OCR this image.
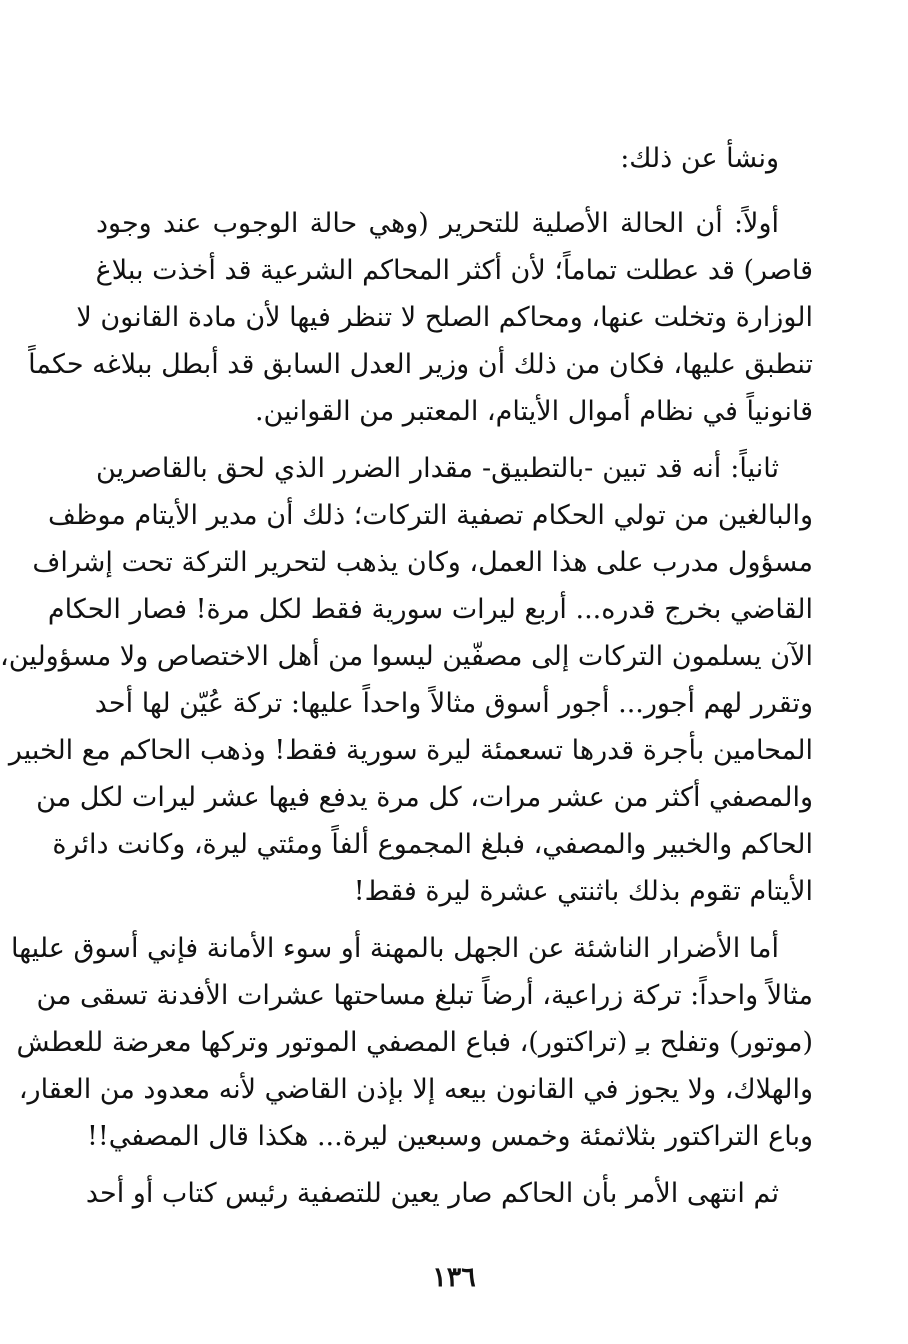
ونشأ عن ذلك:

أولاً: أن الحالة الأصلية للتحرير (وهي حالة الوجوب عند وجود
قاصر) قد عطلت تماماً؛ لأن أكثر المحاكم الشرعية قد أخذت ببلاغ
الوزارة وتخلت عنها، ومحاكم الصلح لا تنظر فيها لأن مادة القانون لا
تنطبق عليها، فكان من ذلك أن وزير العدل السابق قد أبطل ببلاغه حكماً
قانونياً في نظام أموال الأيتام، المعتبر من القوانين.

ثانياً: أنه قد تبين -بالتطبيق- مقدار الضرر الذي لحق بالقاصرين
والبالغين من تولي الحكام تصفية التركات؛ ذلك أن مدير الأيتام موظف
مسؤول مدرب على هذا العمل، وكان يذهب لتحرير التركة تحت إشراف
القاضي بخرج قدره... أربع ليرات سورية فقط لكل مرة! فصار الحكام
الآن يسلمون التركات إلى مصفّين ليسوا من أهل الاختصاص ولا مسؤولين،
وتقرر لهم أجور... أجور أسوق مثالاً واحداً عليها: تركة عُيّن لها أحد
المحامين بأجرة قدرها تسعمئة ليرة سورية فقط! وذهب الحاكم مع الخبير
والمصفي أكثر من عشر مرات، كل مرة يدفع فيها عشر ليرات لكل من
الحاكم والخبير والمصفي، فبلغ المجموع ألفاً ومئتي ليرة، وكانت دائرة
الأيتام تقوم بذلك باثنتي عشرة ليرة فقط!

أما الأضرار الناشئة عن الجهل بالمهنة أو سوء الأمانة فإني أسوق عليها
مثالاً واحداً: تركة زراعية، أرضاً تبلغ مساحتها عشرات الأفدنة تسقى من
(موتور) وتفلح بـِ (تراكتور)، فباع المصفي الموتور وتركها معرضة للعطش
والهلاك، ولا يجوز في القانون بيعه إلا بإذن القاضي لأنه معدود من العقار،
وباع التراكتور بثلاثمئة وخمس وسبعين ليرة... هكذا قال المصفي!!

ثم انتهى الأمر بأن الحاكم صار يعين للتصفية رئيس كتاب أو أحد

١٣٦
